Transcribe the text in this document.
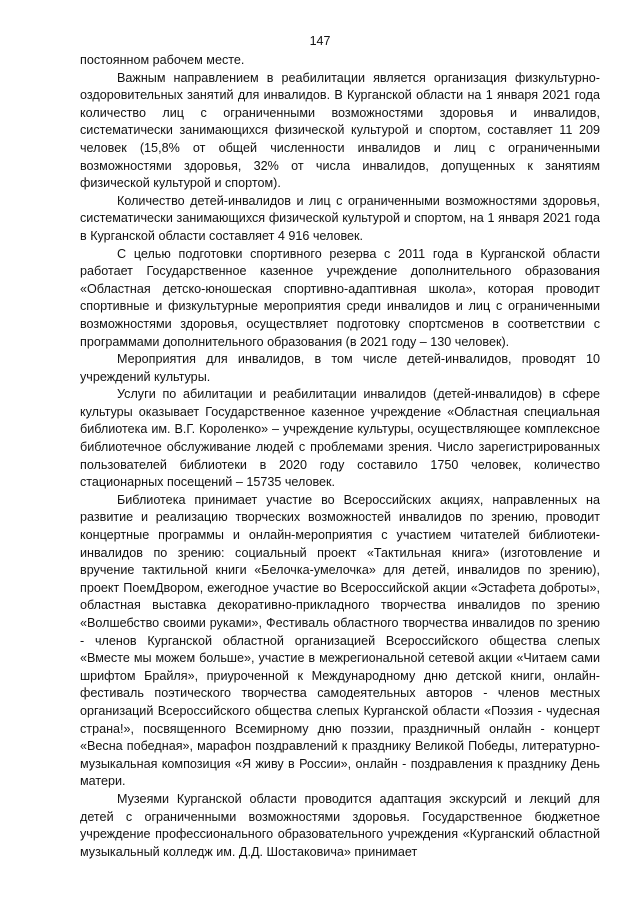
147

постоянном рабочем месте.

Важным направлением в реабилитации является организация физкультурно-оздоровительных занятий для инвалидов. В Курганской области на 1 января 2021 года количество лиц с ограниченными возможностями здоровья и инвалидов, систематически занимающихся физической культурой и спортом, составляет 11 209 человек (15,8% от общей численности инвалидов и лиц с ограниченными возможностями здоровья, 32% от числа инвалидов, допущенных к занятиям физической культурой и спортом).

Количество детей-инвалидов и лиц с ограниченными возможностями здоровья, систематически занимающихся физической культурой и спортом, на 1 января 2021 года в Курганской области составляет 4 916 человек.

С целью подготовки спортивного резерва с 2011 года в Курганской области работает Государственное казенное учреждение дополнительного образования «Областная детско-юношеская спортивно-адаптивная школа», которая проводит спортивные и физкультурные мероприятия среди инвалидов и лиц с ограниченными возможностями здоровья, осуществляет подготовку спортсменов в соответствии с программами дополнительного образования (в 2021 году – 130 человек).

Мероприятия для инвалидов, в том числе детей-инвалидов, проводят 10 учреждений культуры.

Услуги по абилитации и реабилитации инвалидов (детей-инвалидов) в сфере культуры оказывает Государственное казенное учреждение «Областная специальная библиотека им. В.Г. Короленко» – учреждение культуры, осуществляющее комплексное библиотечное обслуживание людей с проблемами зрения. Число зарегистрированных пользователей библиотеки в 2020 году составило 1750 человек, количество стационарных посещений – 15735 человек.

Библиотека принимает участие во Всероссийских акциях, направленных на развитие и реализацию творческих возможностей инвалидов по зрению, проводит концертные программы и онлайн-мероприятия с участием читателей библиотеки-инвалидов по зрению: социальный проект «Тактильная книга» (изготовление и вручение тактильной книги «Белочка-умелочка» для детей, инвалидов по зрению), проект ПоемДвором, ежегодное участие во Всероссийской акции «Эстафета доброты», областная выставка декоративно-прикладного творчества инвалидов по зрению «Волшебство своими руками», Фестиваль областного творчества инвалидов по зрению - членов Курганской областной организацией Всероссийского общества слепых «Вместе мы можем больше», участие в межрегиональной сетевой акции «Читаем сами шрифтом Брайля», приуроченной к Международному дню детской книги, онлайн-фестиваль поэтического творчества самодеятельных авторов - членов местных организаций Всероссийского общества слепых Курганской области «Поэзия - чудесная страна!», посвященного Всемирному дню поэзии, праздничный онлайн - концерт «Весна победная», марафон поздравлений к празднику Великой Победы, литературно-музыкальная композиция «Я живу в России», онлайн - поздравления к празднику День матери.

Музеями Курганской области проводится адаптация экскурсий и лекций для детей с ограниченными возможностями здоровья. Государственное бюджетное учреждение профессионального образовательного учреждения «Курганский областной музыкальный колледж им. Д.Д. Шостаковича» принимает
